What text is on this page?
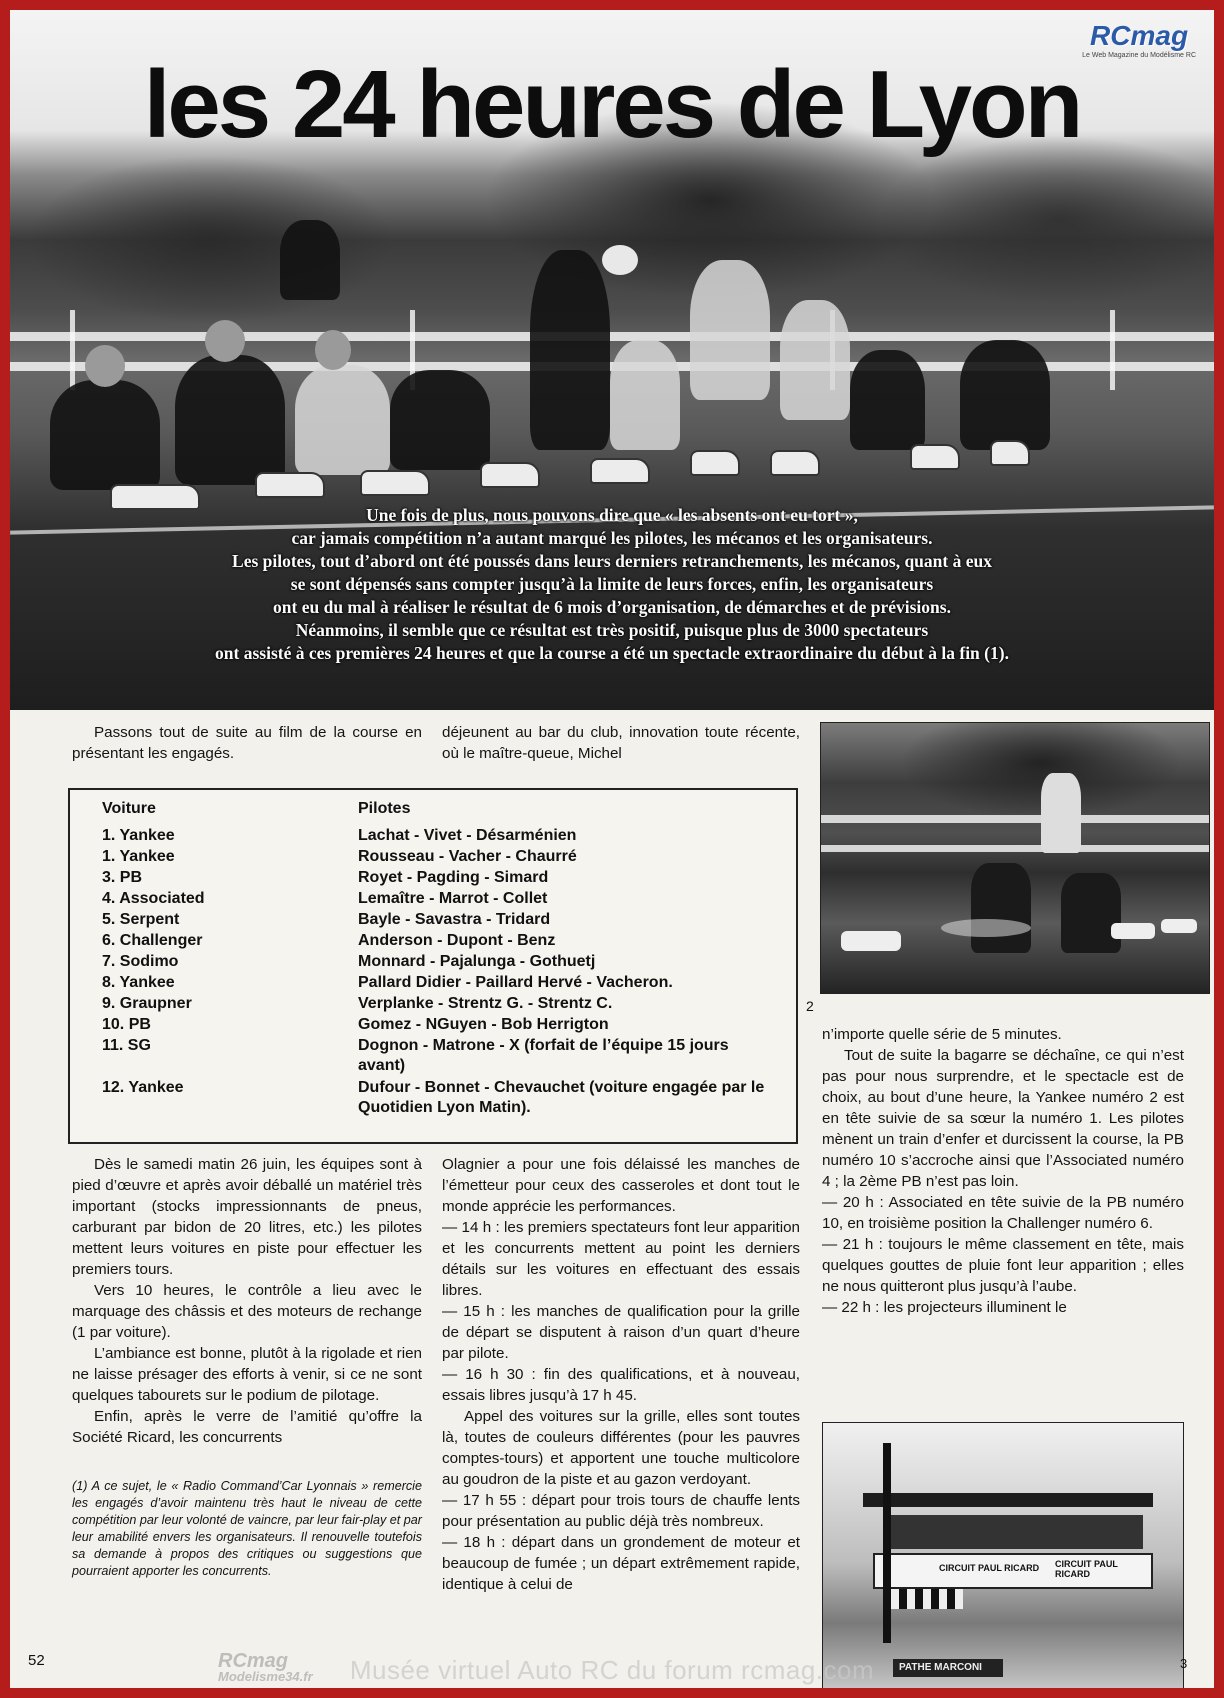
les 24 heures de Lyon
RCmag
Le Web Magazine du Modélisme RC
Une fois de plus, nous pouvons dire que « les absents ont eu tort »,
car jamais compétition n’a autant marqué les pilotes, les mécanos et les organisateurs.
Les pilotes, tout d’abord ont été poussés dans leurs derniers retranchements, les mécanos, quant à eux
se sont dépensés sans compter jusqu’à la limite de leurs forces, enfin, les organisateurs
ont eu du mal à réaliser le résultat de 6 mois d’organisation, de démarches et de prévisions.
Néanmoins, il semble que ce résultat est très positif, puisque plus de 3000 spectateurs
ont assisté à ces premières 24 heures et que la course a été un spectacle extraordinaire du début à la fin (1).

Passons tout de suite au film de la course en présentant les engagés.

déjeunent au bar du club, innovation toute récente, où le maître-queue, Michel

Voiture	Pilotes
1. Yankee	Lachat - Vivet - Désarménien
1. Yankee	Rousseau - Vacher - Chaurré
3. PB	Royet - Pagding - Simard
4. Associated	Lemaître - Marrot - Collet
5. Serpent	Bayle - Savastra - Tridard
6. Challenger	Anderson - Dupont - Benz
7. Sodimo	Monnard - Pajalunga - Gothuetj
8. Yankee	Pallard Didier - Paillard Hervé - Vacheron.
9. Graupner	Verplanke - Strentz G. - Strentz C.
10. PB	Gomez - NGuyen - Bob Herrigton
11. SG	Dognon - Matrone - X (forfait de l’équipe 15 jours avant)
12. Yankee	Dufour - Bonnet - Chevauchet (voiture engagée par le Quotidien Lyon Matin).
2

Dès le samedi matin 26 juin, les équipes sont à pied d’œuvre et après avoir déballé un matériel très important (stocks impressionnants de pneus, carburant par bidon de 20 litres, etc.) les pilotes mettent leurs voitures en piste pour effectuer les premiers tours.

Vers 10 heures, le contrôle a lieu avec le marquage des châssis et des moteurs de rechange (1 par voiture).

L’ambiance est bonne, plutôt à la rigolade et rien ne laisse présager des efforts à venir, si ce ne sont quelques tabourets sur le podium de pilotage.

Enfin, après le verre de l’amitié qu’offre la Société Ricard, les concurrents

(1) A ce sujet, le « Radio Command’Car Lyonnais » remercie les engagés d’avoir maintenu très haut le niveau de cette compétition par leur volonté de vaincre, par leur fair-play et par leur amabilité envers les organisateurs. Il renouvelle toutefois sa demande à propos des critiques ou suggestions que pourraient apporter les concurrents.

Olagnier a pour une fois délaissé les manches de l’émetteur pour ceux des casseroles et dont tout le monde apprécie les performances.

— 14 h : les premiers spectateurs font leur apparition et les concurrents mettent au point les derniers détails sur les voitures en effectuant des essais libres.

— 15 h : les manches de qualification pour la grille de départ se disputent à raison d’un quart d’heure par pilote.

— 16 h 30 : fin des qualifications, et à nouveau, essais libres jusqu’à 17 h 45.

Appel des voitures sur la grille, elles sont toutes là, toutes de couleurs différentes (pour les pauvres comptes-tours) et apportent une touche multicolore au goudron de la piste et au gazon verdoyant.

— 17 h 55 : départ pour trois tours de chauffe lents pour présentation au public déjà très nombreux.

— 18 h : départ dans un grondement de moteur et beaucoup de fumée ; un départ extrêmement rapide, identique à celui de

n’importe quelle série de 5 minutes.

Tout de suite la bagarre se déchaîne, ce qui n’est pas pour nous surprendre, et le spectacle est de choix, au bout d’une heure, la Yankee numéro 2 est en tête suivie de sa sœur la numéro 1. Les pilotes mènent un train d’enfer et durcissent la course, la PB numéro 10 s’accroche ainsi que l’Associated numéro 4 ; la 2ème PB n’est pas loin.

— 20 h : Associated en tête suivie de la PB numéro 10, en troisième position la Challenger numéro 6.

— 21 h : toujours le même classement en tête, mais quelques gouttes de pluie font leur apparition ; elles ne nous quitteront plus jusqu’à l’aube.

— 22 h : les projecteurs illuminent le

CIRCUIT PAUL RICARD CIRCUIT PAUL RICARD
PATHE MARCONI
52	3
RCmag
Modelisme34.fr	Musée virtuel Auto RC du forum rcmag.com
